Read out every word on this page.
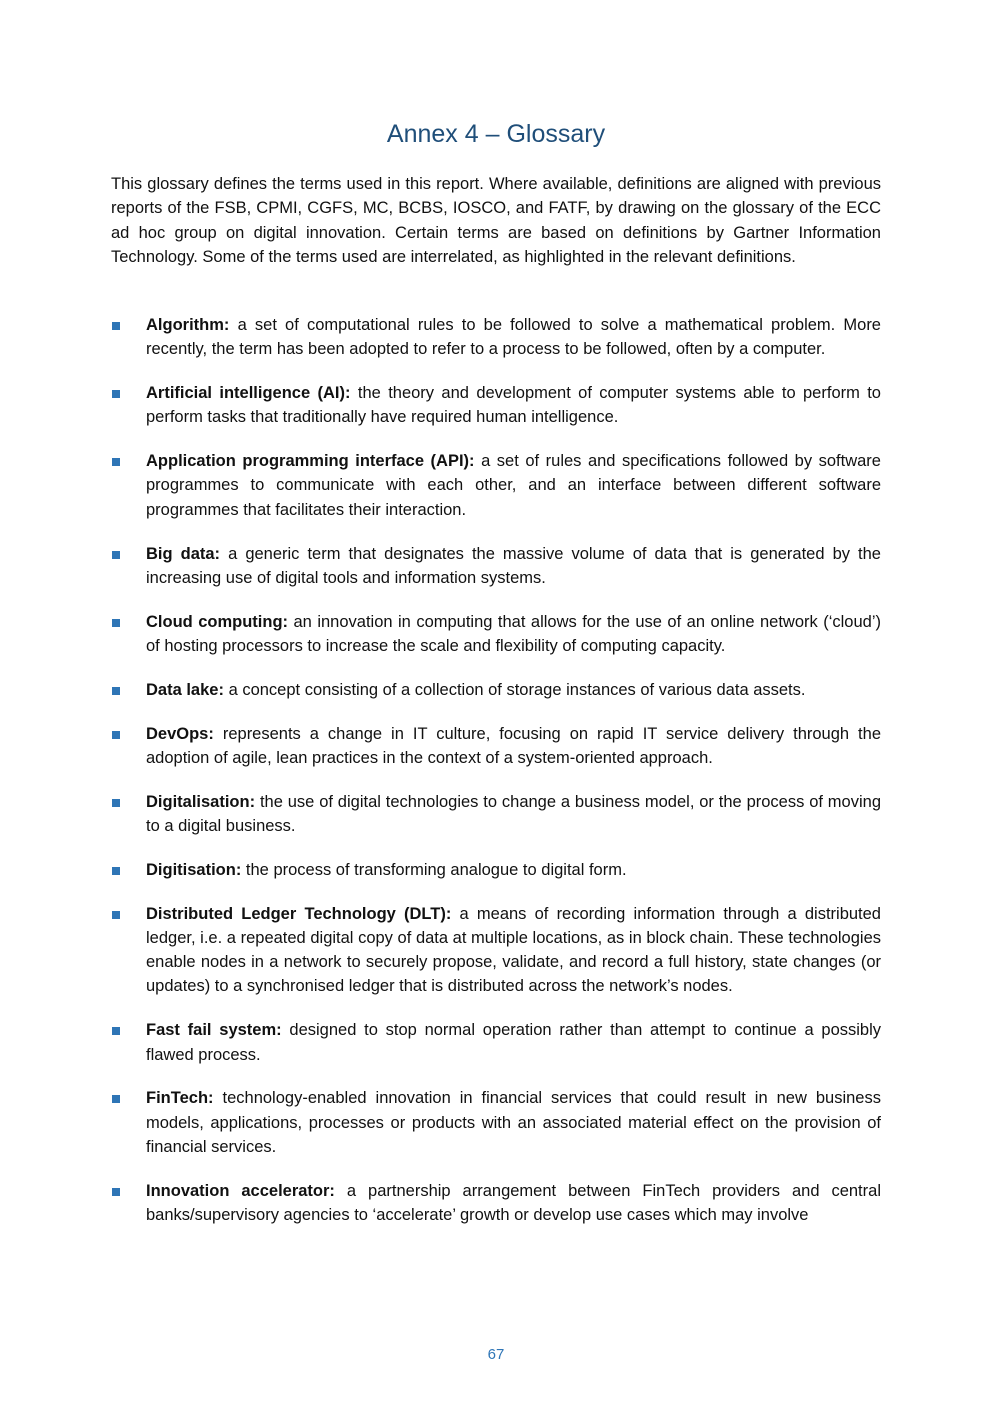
Annex 4 – Glossary

This glossary defines the terms used in this report. Where available, definitions are aligned with previous reports of the FSB, CPMI, CGFS, MC, BCBS, IOSCO, and FATF, by drawing on the glossary of the ECC ad hoc group on digital innovation. Certain terms are based on definitions by Gartner Information Technology. Some of the terms used are interrelated, as highlighted in the relevant definitions.

Algorithm: a set of computational rules to be followed to solve a mathematical problem. More recently, the term has been adopted to refer to a process to be followed, often by a computer.
Artificial intelligence (AI): the theory and development of computer systems able to perform to perform tasks that traditionally have required human intelligence.
Application programming interface (API): a set of rules and specifications followed by software programmes to communicate with each other, and an interface between different software programmes that facilitates their interaction.
Big data: a generic term that designates the massive volume of data that is generated by the increasing use of digital tools and information systems.
Cloud computing: an innovation in computing that allows for the use of an online network (‘cloud’) of hosting processors to increase the scale and flexibility of computing capacity.
Data lake: a concept consisting of a collection of storage instances of various data assets.
DevOps: represents a change in IT culture, focusing on rapid IT service delivery through the adoption of agile, lean practices in the context of a system-oriented approach.
Digitalisation: the use of digital technologies to change a business model, or the process of moving to a digital business.
Digitisation: the process of transforming analogue to digital form.
Distributed Ledger Technology (DLT): a means of recording information through a distributed ledger, i.e. a repeated digital copy of data at multiple locations, as in block chain. These technologies enable nodes in a network to securely propose, validate, and record a full history, state changes (or updates) to a synchronised ledger that is distributed across the network’s nodes.
Fast fail system: designed to stop normal operation rather than attempt to continue a possibly flawed process.
FinTech: technology-enabled innovation in financial services that could result in new business models, applications, processes or products with an associated material effect on the provision of financial services.
Innovation accelerator: a partnership arrangement between FinTech providers and central banks/supervisory agencies to ‘accelerate’ growth or develop use cases which may involve
67
